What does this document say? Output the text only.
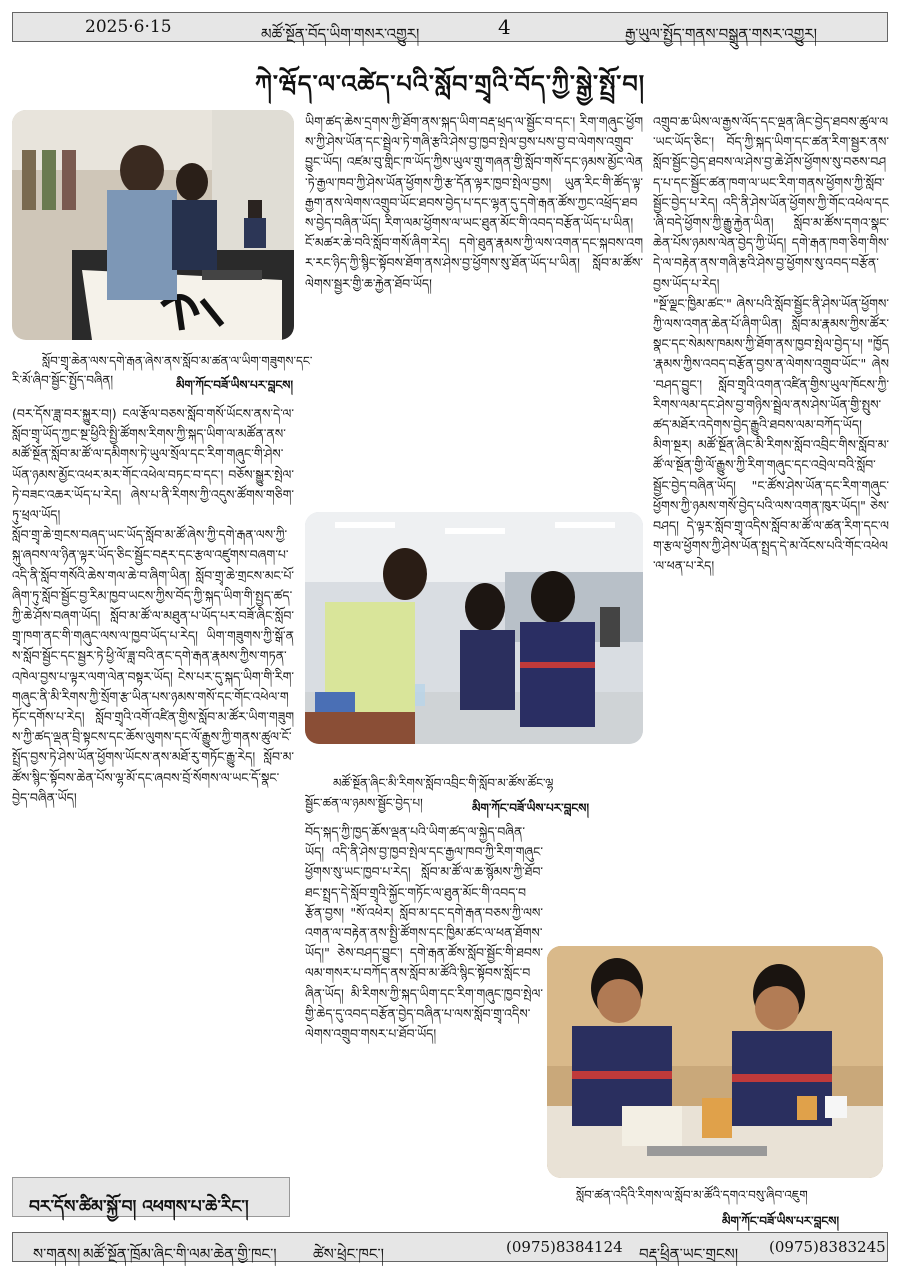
2025·6·15	མཚོ་སྔོན་བོད་ཡིག་གསར་འགྱུར།	4	རྒྱ་ཡུལ་སྤྱོད་གནས་བསྒྲུན་གསར་འགྱུར།
ཀེ་ཝོད་ལ་འཚེད་པའི་སློབ་གྲྭའི་བོད་ཀྱི་སྒྱེ་སྤྲོ་བ།
སློབ་གྲྭ་ཆེན་ལས་དགེ་རྒན་ཞེས་ནས་སློབ་མ་ཚན་ལ་ཡིག་གཟུགས་དང་
རི་མོ་ཞིབ་སྦྱོང་སྤྱོད་བཞིན།	མིག་ཀོང་བཟོ་ཡིས་པར་བླངས།
མཚོ་སྔོན་ཞིང་མི་རིགས་སློབ་འབྲིང་གི་སློབ་མ་ཚོས་ཚོང་ལྷ
སྦྱོང་ཚན་ལ་ཉམས་སྦྱོང་བྱེད་པ།	མིག་ཀོང་བཟོ་ཡིས་པར་བླངས།
སློབ་ཚན་འདིའི་རིགས་ལ་སློབ་མ་ཚོའི་དགའ་བསུ་ཞིབ་འཇུག
མིག་ཀོང་བཟོ་ཡིས་པར་བླངས།

(བར་དོས་ཟླ་བར་སྐྱུར་བ།) ངལ་རྩོལ་བཅས་སློབ་གསོ་ཡོངས་ནས་དེ་ལ་སློབ་གྲྭ་ཡོད་ཀྱང་སྔ་ཕྱིའི་སྤྱི་ཚོགས་རིགས་ཀྱི་སྐད་ཡིག་ལ་མཚོན་ནས་མཚོ་སྔོན་སློབ་མ་ཚོ་ལ་དམིགས་ཏེ་ཡུལ་སྲོལ་དང་རིག་གཞུང་གི་ཤེས་ཡོན་ཉམས་མྱོང་འཕར་མར་གོང་འཕེལ་བཏང་བ་དང་། བཅོས་སྒྱུར་སྤེལ་ཏེ་བཟང་འཆར་ཡོད་པ་རེད། ཞེས་པ་ནི་རིགས་ཀྱི་འདུས་ཚོགས་གཅིག་ཏུ་ཕྲལ་ཡོད།

སློབ་གྲྭ་ཆེ་གྲངས་བཞད་ཡང་ཡོད་སློབ་མ་ཚོ་ཞེས་ཀྱི་དགེ་རྒན་ལས་ཀྱི་སྐུ་ཞབས་ལ་ཉིན་ལྟར་ཡོད་ཅིང་སྦྱོང་བརྡར་དང་རྩལ་འཛུགས་བཞག་པ་འདི་ནི་སློབ་གསོའི་ཆེས་གལ་ཆེ་བ་ཞིག་ཡིན། སློབ་གྲྭ་ཆེ་གྲངས་མང་པོ་ཞིག་ཏུ་སློབ་སྦྱོང་བྱ་རིམ་ཁྱབ་ཡངས་ཀྱིས་བོད་ཀྱི་སྐད་ཡིག་གི་སྤྱད་ཚད་ཀྱི་ཆེ་ཤོས་བཞག་ཡོད། སློབ་མ་ཚོ་ལ་མཐུན་པ་ཡོད་པར་བཟོ་ཞིང་སློབ་གྲྭ་ཁག་ནང་གི་གཞུང་ལས་ལ་ཁྱབ་ཡོད་པ་རེད། ཡིག་གཟུགས་ཀྱི་སྒོ་ནས་སློབ་སྦྱོང་དང་སྦྱར་ཏེ་ཕྱི་ལོ་ཟླ་བའི་ནང་དགེ་རྒན་རྣམས་ཀྱིས་གཏན་འཁེལ་བྱས་པ་ལྟར་ལག་ལེན་བསྟར་ཡོད། ངེས་པར་དུ་སྐད་ཡིག་གི་རིག་གཞུང་ནི་མི་རིགས་ཀྱི་སྲོག་རྩ་ཡིན་པས་ཉམས་གསོ་དང་གོང་འཕེལ་གཏོང་དགོས་པ་རེད། སློབ་གྲྭའི་འགོ་འཛིན་གྱིས་སློབ་མ་ཚོར་ཡིག་གཟུགས་ཀྱི་ཚད་ལྡན་བྲི་སྟངས་དང་ཆོས་ལུགས་དང་ལོ་རྒྱུས་ཀྱི་གནས་ཚུལ་ངོ་སྤྲོད་བྱས་ཏེ་ཤེས་ཡོན་ཕྱོགས་ཡོངས་ནས་མཐོ་རུ་གཏོང་རྒྱུ་རེད། སློབ་མ་ཚོས་སྙིང་སྟོབས་ཆེན་པོས་ལྷ་མོ་དང་ཞབས་བྲོ་སོགས་ལ་ཡང་དོ་སྣང་བྱེད་བཞིན་ཡོད།

ཡིག་ཚད་ཆེས་དྲགས་ཀྱི་ཐོག་ནས་སྐད་ཡིག་བརྡ་ཕྲད་ལ་སྦྱོང་བ་དང་། རིག་གཞུང་ཕྱོགས་ཀྱི་ཤེས་ཡོན་དང་སྦྲེལ་ཏེ་གཞི་རྩའི་ཤེས་བྱ་ཁྱབ་སྤེལ་བྱས་པས་བྱ་བ་ལེགས་འགྲུབ་བྱུང་ཡོད། འཛམ་བུ་གླིང་ཁ་ཡོད་ཀྱིས་ཡུལ་གྲུ་གཞན་གྱི་སློབ་གསོ་དང་ཉམས་མྱོང་ལེན་ཏེ་རྒྱལ་ཁབ་ཀྱི་ཤེས་ཡོན་ཕྱོགས་ཀྱི་རྩ་དོན་ལྟར་ཁྱབ་སྤེལ་བྱས། ཡུན་རིང་གི་ཚོད་ལྟ་རྒྱག་ནས་ལེགས་འགྲུབ་ཡོང་ཐབས་བྱེད་པ་དང་ལྷན་དུ་དགེ་རྒན་ཚོས་ཀྱང་འཕྲོད་ཐབས་བྱེད་བཞིན་ཡོད། རིག་ལམ་ཕྱོགས་ལ་ཡང་ཐུན་མོང་གི་འབད་བརྩོན་ཡོད་པ་ཡིན།

ངོ་མཚར་ཆེ་བའི་སློབ་གསོ་ཞིག་རེད། དགེ་ཐུན་རྣམས་ཀྱི་ལས་འགན་དང་སྐབས་འགར་རང་ཉིད་ཀྱི་སྙིང་སྟོབས་ཐོག་ནས་ཤེས་བྱ་ཕྱོགས་སུ་ཐོན་ཡོད་པ་ཡིན། སློབ་མ་ཚོས་ལེགས་སྦྱར་གྱི་ཆ་རྐྱེན་ཐོབ་ཡོད།

བོད་སྐད་ཀྱི་ཁྱད་ཆོས་ལྡན་པའི་ཡིག་ཚད་ལ་སྐྱེད་བཞིན་ཡོད། འདི་ནི་ཤེས་བྱ་ཁྱབ་སྤེལ་དང་རྒྱལ་ཁབ་ཀྱི་རིག་གཞུང་ཕྱོགས་སུ་ཡང་ཁྱབ་པ་རེད། སློབ་མ་ཚོ་ལ་ཆ་སྙོམས་ཀྱི་ཐོབ་ཐང་སྤྲད་དེ་སློབ་གྲྭའི་སྐྱོང་གཏོང་ལ་ཐུན་མོང་གི་འབད་བརྩོན་བྱས། "སོ་འཕེར། སློབ་མ་དང་དགེ་རྒན་བཅས་ཀྱི་ལས་འགན་ལ་བརྟེན་ནས་སྤྱི་ཚོགས་དང་ཁྱིམ་ཚང་ལ་ཕན་ཐོགས་ཡོད།" ཅེས་བཤད་བྱུང་། དགེ་རྒན་ཚོས་སློབ་སྦྱོང་གི་ཐབས་ལམ་གསར་པ་བཀོད་ནས་སློབ་མ་ཚོའི་སྙིང་སྟོབས་སློང་བཞིན་ཡོད། མི་རིགས་ཀྱི་སྐད་ཡིག་དང་རིག་གཞུང་ཁྱབ་སྤེལ་གྱི་ཆེད་དུ་འབད་བརྩོན་བྱེད་བཞིན་པ་ལས་སློབ་གྲྭ་འདིས་ལེགས་འགྲུབ་གསར་པ་ཐོབ་ཡོད།

འགྲུབ་ཆ་ཡིས་ལ་རྒྱས་ལོད་དང་ལྡན་ཞིང་བྱེད་ཐབས་ཚུལ་ལ་ཡང་ཡོད་ཅིང་། བོད་ཀྱི་སྐད་ཡིག་དང་ཚན་རིག་སྦྱར་ནས་སློབ་སྦྱོང་བྱེད་ཐབས་ལ་ཤེས་བྱ་ཆེ་ཤོས་ཕྱོགས་སུ་བཅས་བཤད་པ་དང་སྦྱོང་ཚན་ཁག་ལ་ཡང་རིག་གནས་ཕྱོགས་ཀྱི་སློབ་སྦྱོང་བྱེད་པ་རེད། འདི་ནི་ཤེས་ཡོན་ཕྱོགས་ཀྱི་གོང་འཕེལ་དང་ཞི་བདེ་ཕྱོགས་ཀྱི་རྒྱུ་རྐྱེན་ཡིན། སློབ་མ་ཚོས་དགའ་སྣང་ཆེན་པོས་ཉམས་ལེན་བྱེད་ཀྱི་ཡོད། དགེ་རྒན་ཁག་ཅིག་གིས་དེ་ལ་བརྟེན་ནས་གཞི་རྩའི་ཤེས་བྱ་ཕྱོགས་སུ་འབད་བརྩོན་བྱས་ཡོད་པ་རེད།

"སྔོ་ལྗང་ཁྱིམ་ཚང་" ཞེས་པའི་སློབ་སྦྱོང་ནི་ཤེས་ཡོན་ཕྱོགས་ཀྱི་ལས་འགན་ཆེན་པོ་ཞིག་ཡིན། སློབ་མ་རྣམས་ཀྱིས་ཚོར་སྣང་དང་སེམས་ཁམས་ཀྱི་ཐོག་ནས་ཁྱབ་སྤེལ་བྱེད་པ། "ཁྱོད་རྣམས་ཀྱིས་འབད་བརྩོན་བྱས་ན་ལེགས་འགྲུབ་ཡོང་" ཞེས་བཤད་བྱུང་། སློབ་གྲྭའི་འགན་འཛིན་གྱིས་ཡུལ་ཁོངས་ཀྱི་རིགས་ལམ་དང་ཤེས་བྱ་གཉིས་སྦྲེལ་ནས་ཤེས་ཡོན་གྱི་སྤུས་ཚད་མཐོར་འདེགས་བྱེད་རྒྱུའི་ཐབས་ལམ་བཀོད་ཡོད།

མིག་སྔར། མཚོ་སྔོན་ཞིང་མི་རིགས་སློབ་འབྲིང་གིས་སློབ་མ་ཚོ་ལ་སྔོན་གྱི་ལོ་རྒྱུས་ཀྱི་རིག་གཞུང་དང་འབྲེལ་བའི་སློབ་སྦྱོང་བྱེད་བཞིན་ཡོད། "ང་ཚོས་ཤེས་ཡོན་དང་རིག་གཞུང་ཕྱོགས་ཀྱི་ཉམས་གསོ་བྱེད་པའི་ལས་འགན་ཁུར་ཡོད།" ཅེས་བཤད། དེ་ལྟར་སློབ་གྲྭ་འདིས་སློབ་མ་ཚོ་ལ་ཚན་རིག་དང་ལག་རྩལ་ཕྱོགས་ཀྱི་ཤེས་ཡོན་སྤྲད་དེ་མ་འོངས་པའི་གོང་འཕེལ་ལ་ཕན་པ་རེད།

བར་དོས་ཚིམ་སྐྱོ་བ། འཕགས་པ་ཆེ་རིང་།
ས་གནས། མཚོ་སྔོན་ཁྲོམ་ཞིང་གི་ལམ་ཆེན་གྱི་ཁང་། ཚེས་ཕྲེང་ཁང་།	(0975)8384124 བརྡ་ཕྲིན་ཡང་གྲངས། (0975)8383245
